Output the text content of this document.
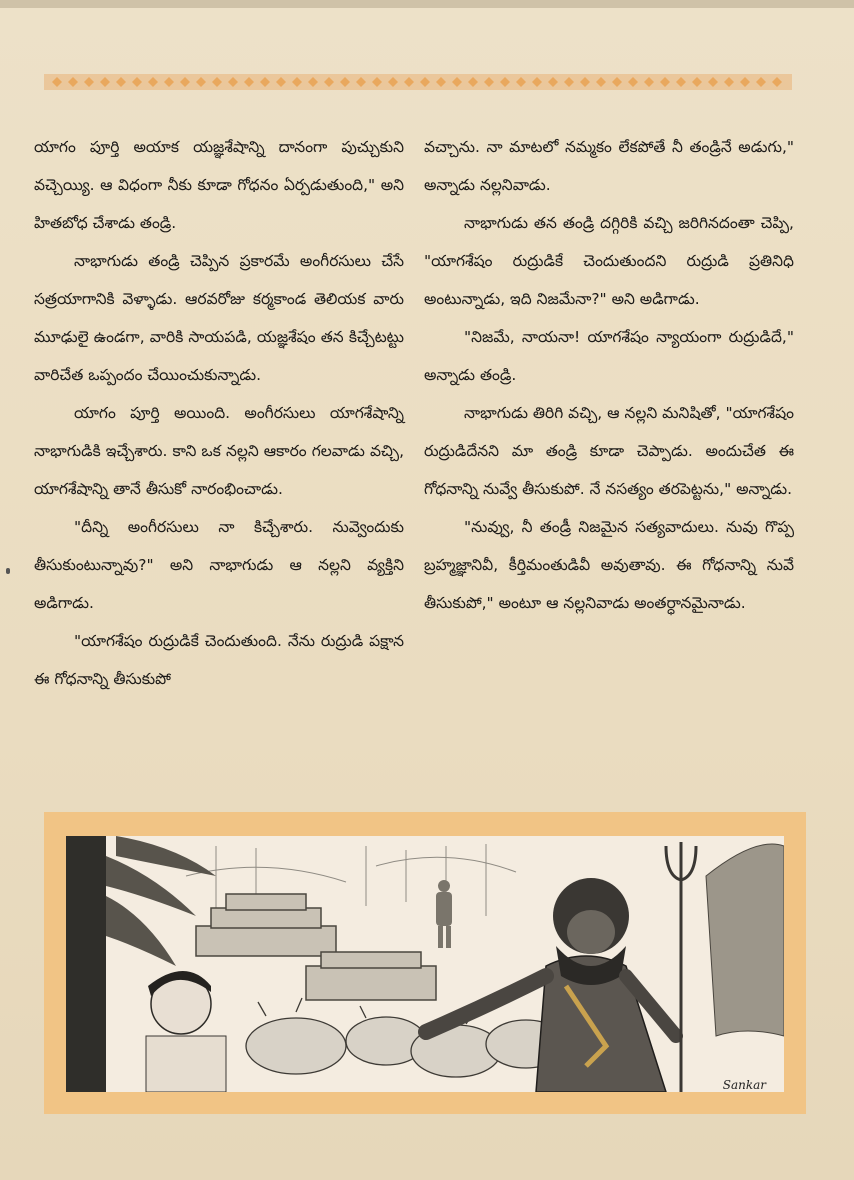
యాగం పూర్తి అయాక యజ్ఞశేషాన్ని దానంగా పుచ్చుకుని వచ్చెయ్యి. ఆ విధంగా నీకు కూడా గోధనం ఏర్పడుతుంది," అని హితబోధ చేశాడు తండ్రి.

నాభాగుడు తండ్రి చెప్పిన ప్రకారమే అంగీరసులు చేసే సత్రయాగానికి వెళ్ళాడు. ఆరవరోజు కర్మకాండ తెలియక వారు మూఢులై ఉండగా, వారికి సాయపడి, యజ్ఞశేషం తన కిచ్చేటట్టు వారిచేత ఒప్పందం చేయించుకున్నాడు.

యాగం పూర్తి అయింది. అంగీరసులు యాగశేషాన్ని నాభాగుడికి ఇచ్చేశారు. కాని ఒక నల్లని ఆకారం గలవాడు వచ్చి, యాగశేషాన్ని తానే తీసుకో నారంభించాడు.

"దీన్ని అంగీరసులు నా కిచ్చేశారు. నువ్వెందుకు తీసుకుంటున్నావు?" అని నాభాగుడు ఆ నల్లని వ్యక్తిని అడిగాడు.

"యాగశేషం రుద్రుడికే చెందుతుంది. నేను రుద్రుడి పక్షాన ఈ గోధనాన్ని తీసుకుపో

వచ్చాను. నా మాటలో నమ్మకం లేకపోతే నీ తండ్రినే అడుగు," అన్నాడు నల్లనివాడు.

నాభాగుడు తన తండ్రి దగ్గిరికి వచ్చి జరిగినదంతా చెప్పి, "యాగశేషం రుద్రుడికే చెందుతుందని రుద్రుడి ప్రతినిధి అంటున్నాడు, ఇది నిజమేనా?" అని అడిగాడు.

"నిజమే, నాయనా! యాగశేషం న్యాయంగా రుద్రుడిదే," అన్నాడు తండ్రి.

నాభాగుడు తిరిగి వచ్చి, ఆ నల్లని మనిషితో, "యాగశేషం రుద్రుడిదేనని మా తండ్రి కూడా చెప్పాడు. అందుచేత ఈ గోధనాన్ని నువ్వే తీసుకుపో. నే నసత్యం తరపెట్టను," అన్నాడు.

"నువ్వు, నీ తండ్రీ నిజమైన సత్యవాదులు. నువు గొప్ప బ్రహ్మజ్ఞానివీ, కీర్తిమంతుడివీ అవుతావు. ఈ గోధనాన్ని నువే తీసుకుపో," అంటూ ఆ నల్లనివాడు అంతర్ధానమైనాడు.

Sankar
